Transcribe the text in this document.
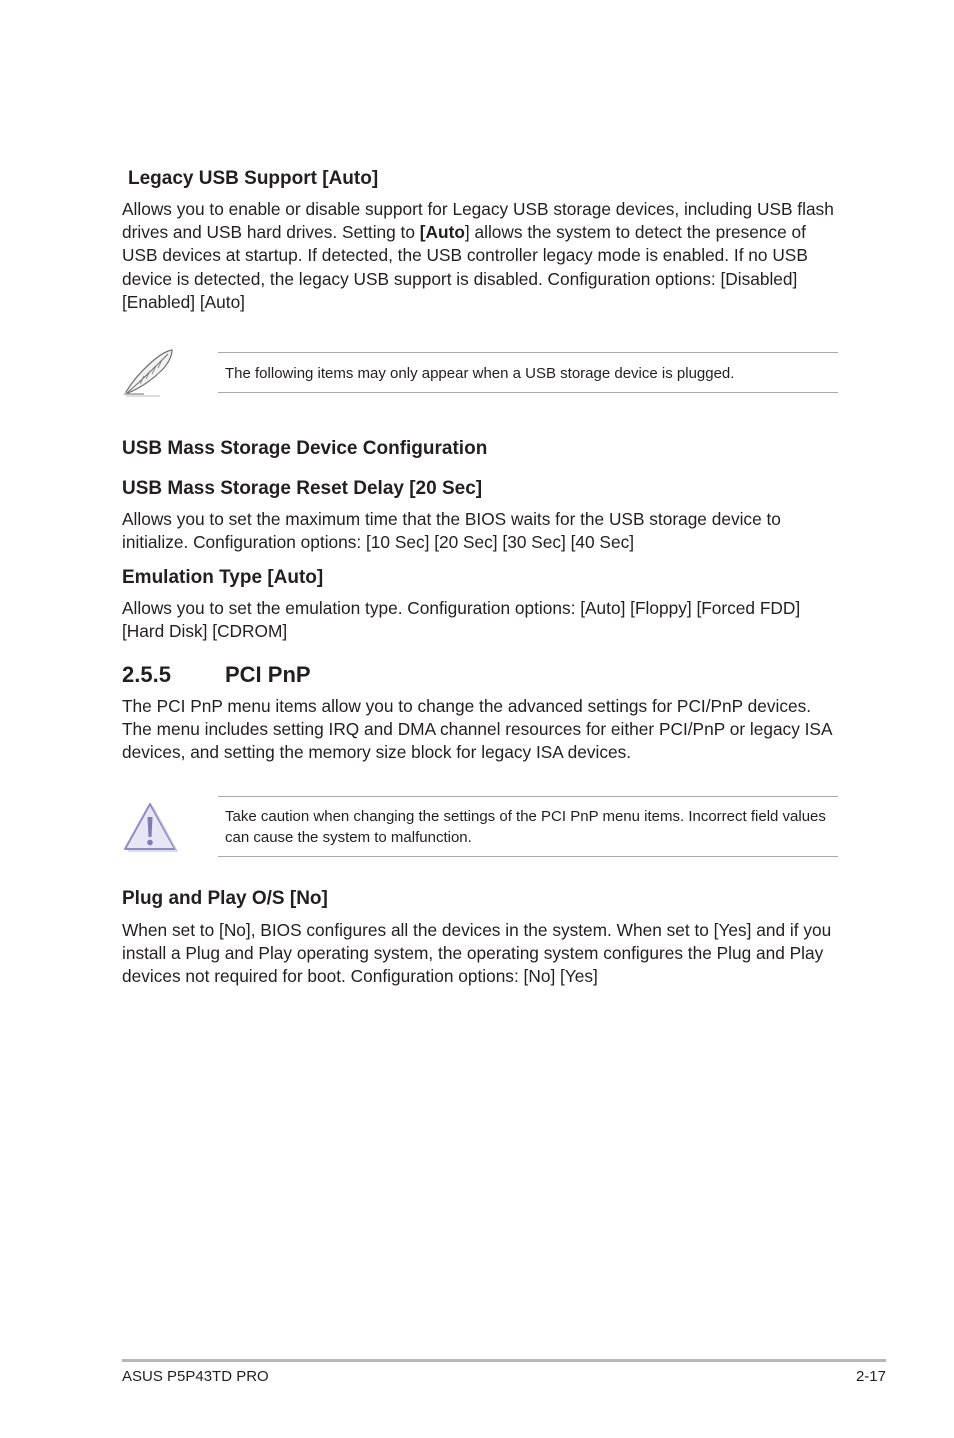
Legacy USB Support [Auto]
Allows you to enable or disable support for Legacy USB storage devices, including USB flash drives and USB hard drives. Setting to [Auto] allows the system to detect the presence of USB devices at startup. If detected, the USB controller legacy mode is enabled. If no USB device is detected, the legacy USB support is disabled. Configuration options: [Disabled] [Enabled] [Auto]
The following items may only appear when a USB storage device is plugged.
USB Mass Storage Device Configuration
USB Mass Storage Reset Delay [20 Sec]
Allows you to set the maximum time that the BIOS waits for the USB storage device to initialize. Configuration options: [10 Sec] [20 Sec] [30 Sec] [40 Sec]
Emulation Type [Auto]
Allows you to set the emulation type. Configuration options: [Auto] [Floppy] [Forced FDD] [Hard Disk] [CDROM]
2.5.5 PCI PnP
The PCI PnP menu items allow you to change the advanced settings for PCI/PnP devices. The menu includes setting IRQ and DMA channel resources for either PCI/PnP or legacy ISA devices, and setting the memory size block for legacy ISA devices.
Take caution when changing the settings of the PCI PnP menu items. Incorrect field values can cause the system to malfunction.
Plug and Play O/S [No]
When set to [No], BIOS configures all the devices in the system. When set to [Yes] and if you install a Plug and Play operating system, the operating system configures the Plug and Play devices not required for boot. Configuration options: [No] [Yes]
ASUS P5P43TD PRO	2-17
